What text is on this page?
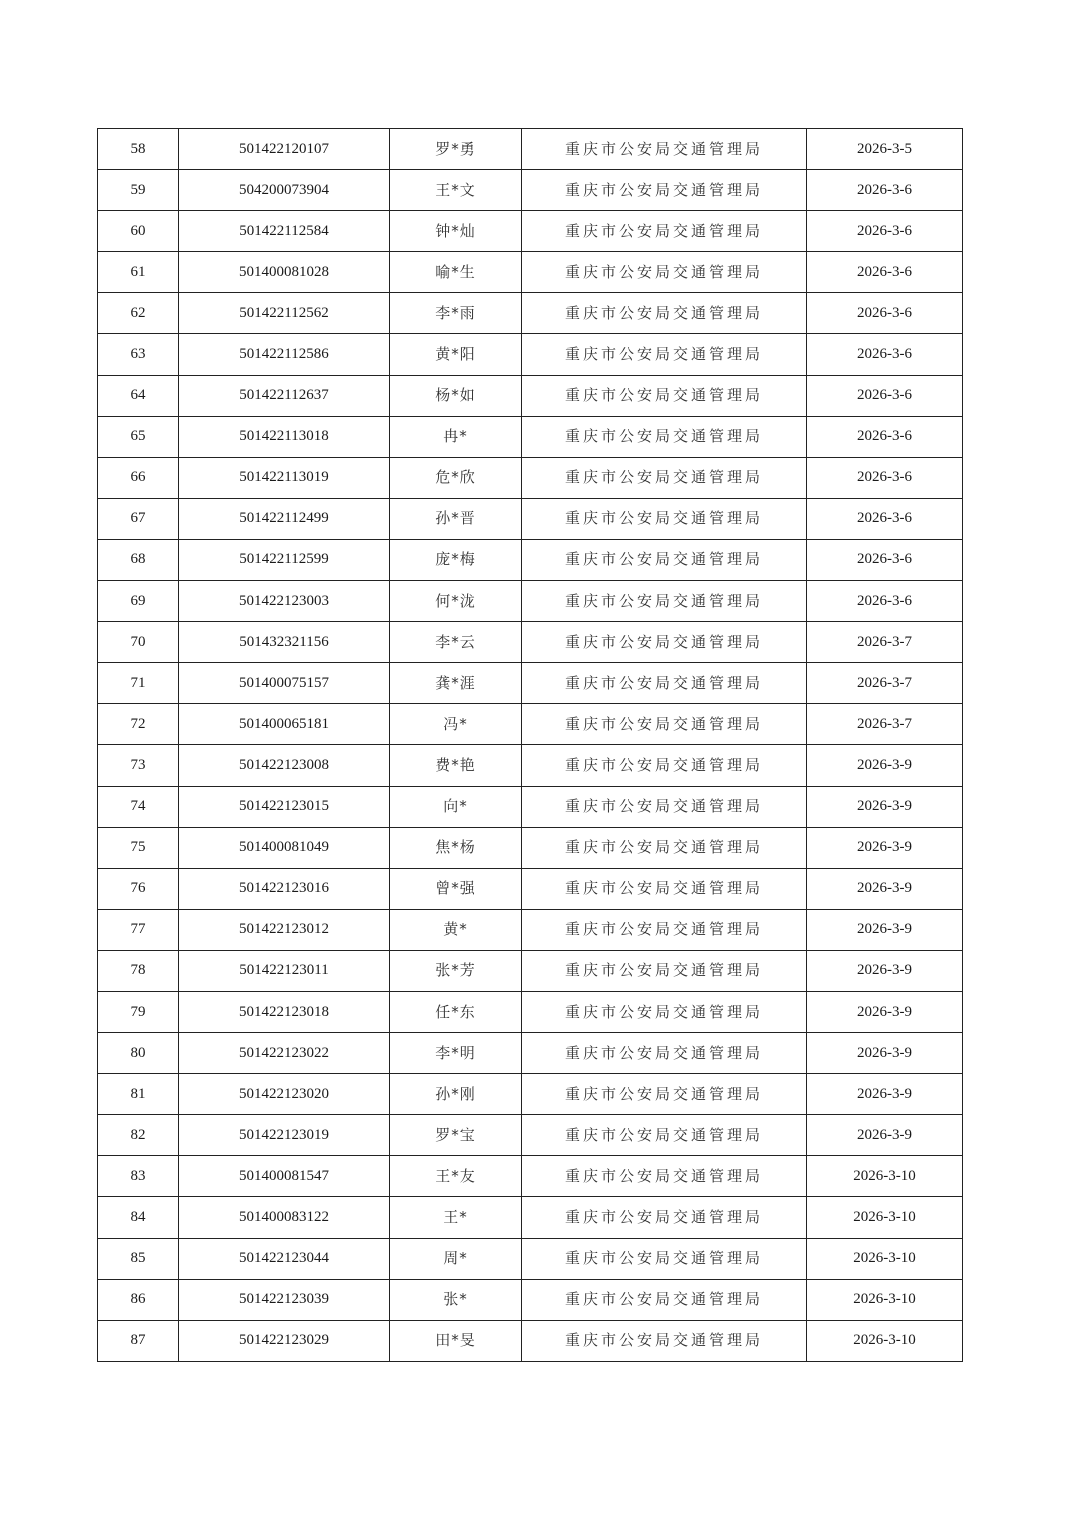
58	501422120107	罗*勇	重庆市公安局交通管理局	2026-3-5
59	504200073904	王*文	重庆市公安局交通管理局	2026-3-6
60	501422112584	钟*灿	重庆市公安局交通管理局	2026-3-6
61	501400081028	喻*生	重庆市公安局交通管理局	2026-3-6
62	501422112562	李*雨	重庆市公安局交通管理局	2026-3-6
63	501422112586	黄*阳	重庆市公安局交通管理局	2026-3-6
64	501422112637	杨*如	重庆市公安局交通管理局	2026-3-6
65	501422113018	冉*	重庆市公安局交通管理局	2026-3-6
66	501422113019	危*欣	重庆市公安局交通管理局	2026-3-6
67	501422112499	孙*晋	重庆市公安局交通管理局	2026-3-6
68	501422112599	庞*梅	重庆市公安局交通管理局	2026-3-6
69	501422123003	何*泷	重庆市公安局交通管理局	2026-3-6
70	501432321156	李*云	重庆市公安局交通管理局	2026-3-7
71	501400075157	龚*涯	重庆市公安局交通管理局	2026-3-7
72	501400065181	冯*	重庆市公安局交通管理局	2026-3-7
73	501422123008	费*艳	重庆市公安局交通管理局	2026-3-9
74	501422123015	向*	重庆市公安局交通管理局	2026-3-9
75	501400081049	焦*杨	重庆市公安局交通管理局	2026-3-9
76	501422123016	曾*强	重庆市公安局交通管理局	2026-3-9
77	501422123012	黄*	重庆市公安局交通管理局	2026-3-9
78	501422123011	张*芳	重庆市公安局交通管理局	2026-3-9
79	501422123018	任*东	重庆市公安局交通管理局	2026-3-9
80	501422123022	李*明	重庆市公安局交通管理局	2026-3-9
81	501422123020	孙*刚	重庆市公安局交通管理局	2026-3-9
82	501422123019	罗*宝	重庆市公安局交通管理局	2026-3-9
83	501400081547	王*友	重庆市公安局交通管理局	2026-3-10
84	501400083122	王*	重庆市公安局交通管理局	2026-3-10
85	501422123044	周*	重庆市公安局交通管理局	2026-3-10
86	501422123039	张*	重庆市公安局交通管理局	2026-3-10
87	501422123029	田*旻	重庆市公安局交通管理局	2026-3-10
